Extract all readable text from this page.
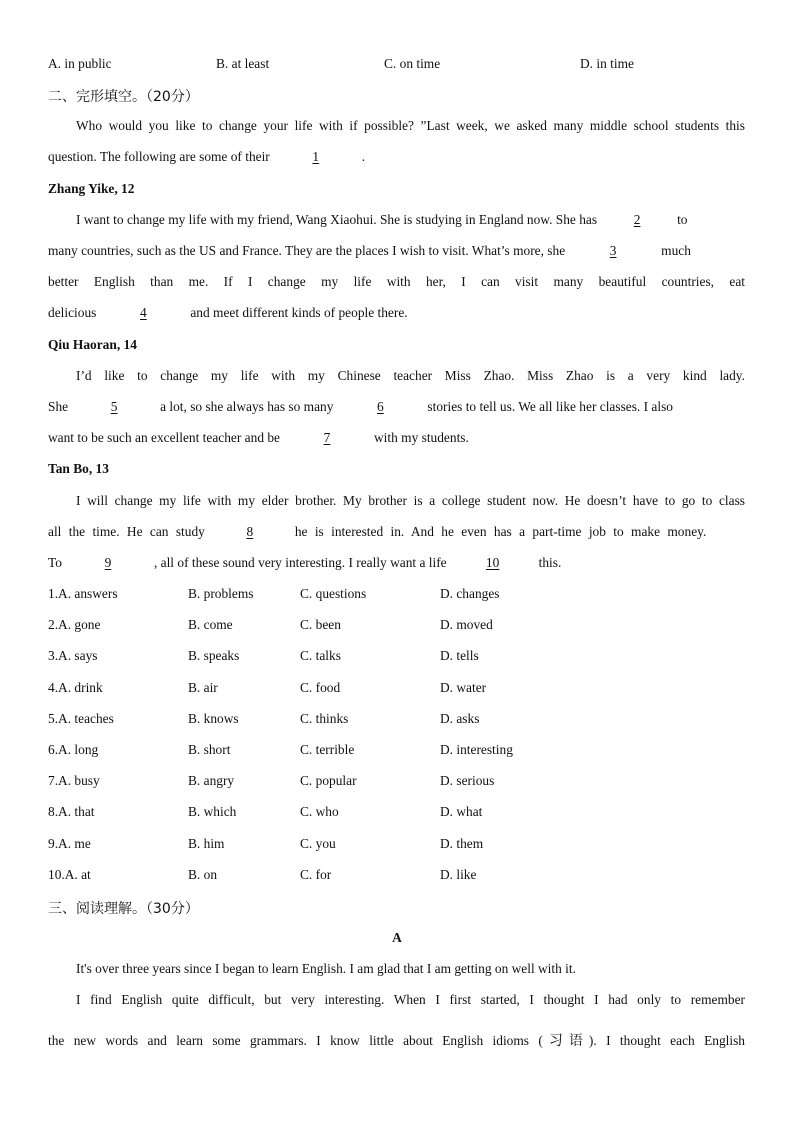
A. in public	B. at least	C. on time	D. in time
二、完形填空。（20分）
Who would you like to change your life with if possible? ”Last week, we asked many middle school students this
question. The following are some of their	1	.
Zhang Yike, 12
I want to change my life with my friend, Wang Xiaohui. She is studying in England now. She has	2	to
many countries, such as the US and France. They are the places I wish to visit. What’s more, she	3	much
better English than me. If I change my life with her, I can visit many beautiful countries, eat
delicious	4	and meet different kinds of people there.
Qiu Haoran, 14
I’d like to change my life with my Chinese teacher Miss Zhao. Miss Zhao is a very kind lady.
She	5	a lot, so she always has so many	6	stories to tell us. We all like her classes. I also
want to be such an excellent teacher and be	7	with my students.
Tan Bo, 13
I will change my life with my elder brother. My brother is a college student now. He doesn’t have to go to class
all the time. He can study	8	he is interested in. And he even has a part-time job to make money.
To	9	, all of these sound very interesting. I really want a life	10	this.
1.A. answers	B. problems	C. questions	D. changes
2.A. gone	B. come	C. been	D. moved
3.A. says	B. speaks	C. talks	D. tells
4.A. drink	B. air	C. food	D. water
5.A. teaches	B. knows	C. thinks	D. asks
6.A. long	B. short	C. terrible	D. interesting
7.A. busy	B. angry	C. popular	D. serious
8.A. that	B. which	C. who	D. what
9.A. me	B. him	C. you	D. them
10.A. at	B. on	C. for	D. like
三、阅读理解。（30分）
A
It's over three years since I began to learn English. I am glad that I am getting on well with it.
I find English quite difficult, but very interesting. When I first started, I thought I had only to remember
the new words and learn some grammars. I know little about English idioms (习语). I thought each English
